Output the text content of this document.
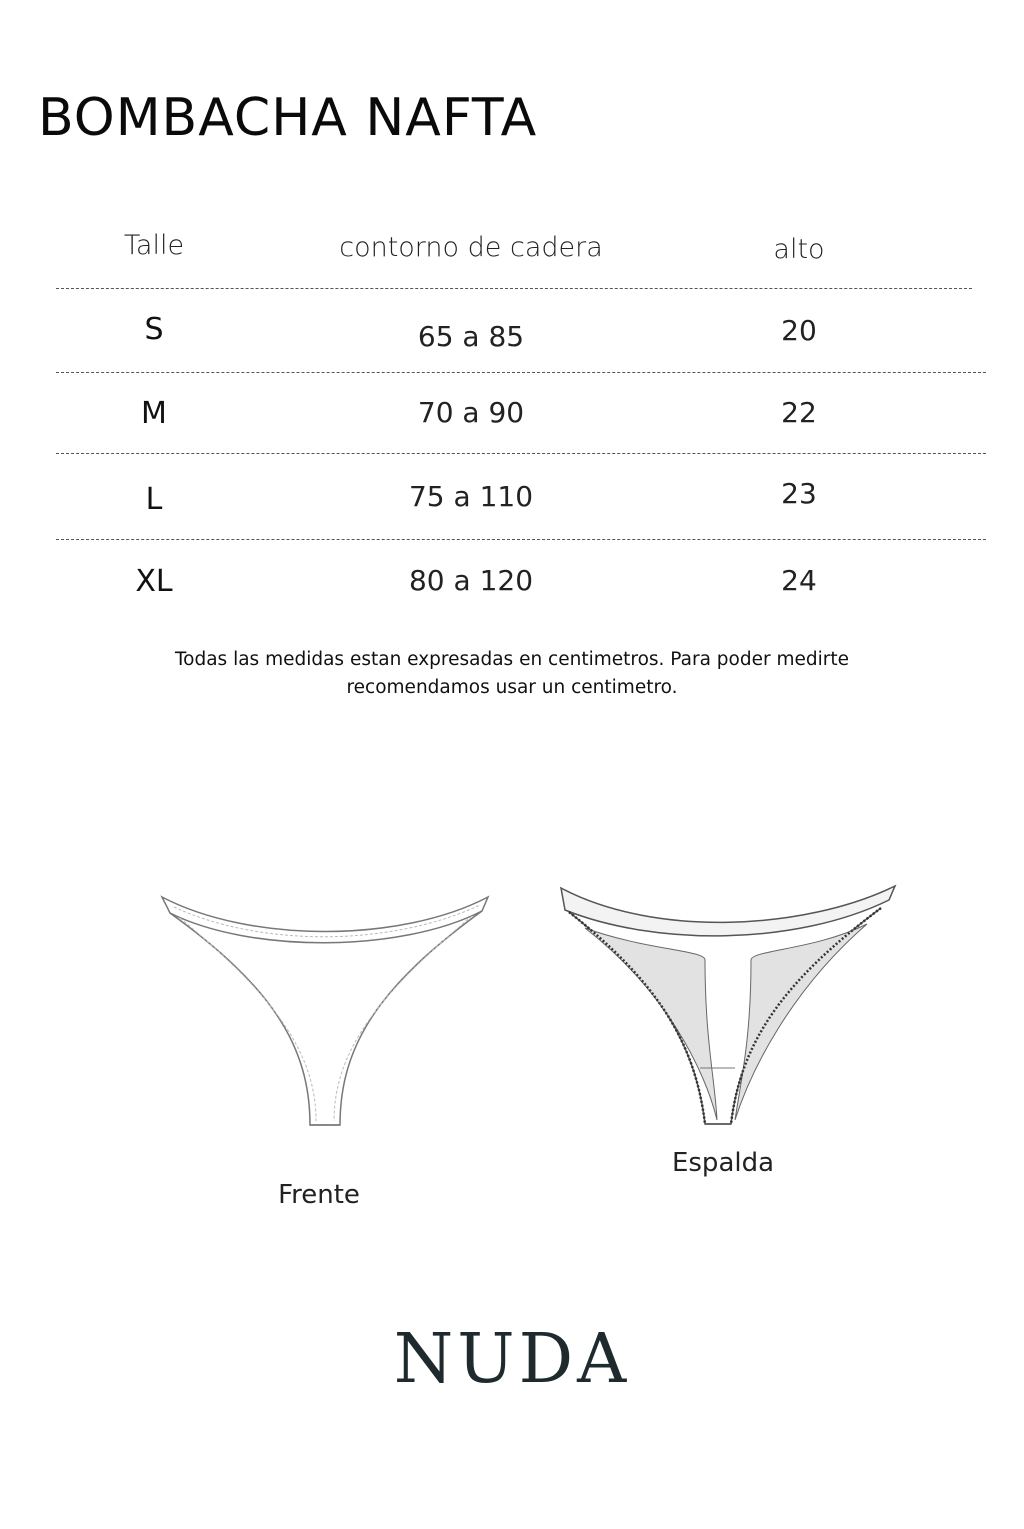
BOMBACHA NAFTA
Talle	contorno de cadera	alto
S	65 a 85	20
M	70 a 90	22
L	75 a 110	23
XL	80 a 120	24
Todas las medidas estan expresadas en centimetros. Para poder medirte
recomendamos usar un centimetro.
Frente
Espalda
NUDA
